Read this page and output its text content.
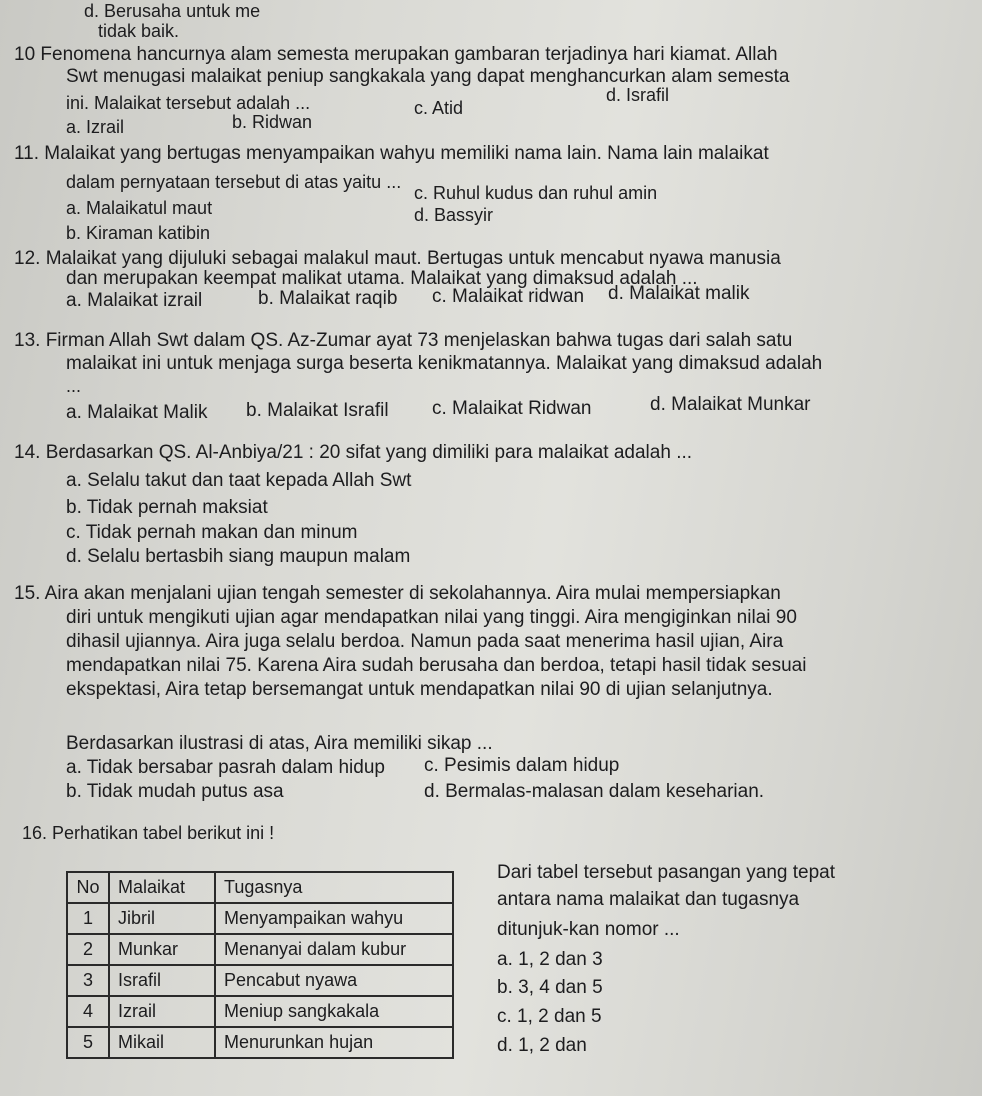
d. Berusaha untuk me
tidak baik.
10 Fenomena hancurnya alam semesta merupakan gambaran terjadinya hari kiamat. Allah
Swt menugasi malaikat peniup sangkakala yang dapat menghancurkan alam semesta
ini. Malaikat tersebut adalah ...
a. Izrail	b. Ridwan
c. Atid
d. Israfil
11. Malaikat yang bertugas menyampaikan wahyu memiliki nama lain. Nama lain malaikat
dalam pernyataan tersebut di atas yaitu ...
a. Malaikatul maut
b. Kiraman katibin
c. Ruhul kudus dan ruhul amin
d. Bassyir
12. Malaikat yang dijuluki sebagai malakul maut. Bertugas untuk mencabut nyawa manusia
dan merupakan keempat malikat utama. Malaikat yang dimaksud adalah ...
a. Malaikat izrail	b. Malaikat raqib c. Malaikat ridwan d. Malaikat malik
13. Firman Allah Swt dalam QS. Az-Zumar ayat 73 menjelaskan bahwa tugas dari salah satu
malaikat ini untuk menjaga surga beserta kenikmatannya. Malaikat yang dimaksud adalah
...
a. Malaikat Malik b. Malaikat Israfil c. Malaikat Ridwan	d. Malaikat Munkar
14. Berdasarkan QS. Al-Anbiya/21 : 20 sifat yang dimiliki para malaikat adalah ...
a. Selalu takut dan taat kepada Allah Swt
b. Tidak pernah maksiat
c. Tidak pernah makan dan minum
d. Selalu bertasbih siang maupun malam
15. Aira akan menjalani ujian tengah semester di sekolahannya. Aira mulai mempersiapkan
diri untuk mengikuti ujian agar mendapatkan nilai yang tinggi. Aira mengiginkan nilai 90
dihasil ujiannya. Aira juga selalu berdoa. Namun pada saat menerima hasil ujian, Aira
mendapatkan nilai 75. Karena Aira sudah berusaha dan berdoa, tetapi hasil tidak sesuai
ekspektasi, Aira tetap bersemangat untuk mendapatkan nilai 90 di ujian selanjutnya.
Berdasarkan ilustrasi di atas, Aira memiliki sikap ...
a. Tidak bersabar pasrah dalam hidup
b. Tidak mudah putus asa
c. Pesimis dalam hidup
d. Bermalas-malasan dalam keseharian.
16. Perhatikan tabel berikut ini !
Dari tabel tersebut pasangan yang tepat
antara nama malaikat dan tugasnya
ditunjuk-kan nomor ...
a. 1, 2 dan 3
b. 3, 4 dan 5
c. 1, 2 dan 5
d. 1, 2 dan
No	Malaikat	Tugasnya
1	Jibril	Menyampaikan wahyu
2	Munkar	Menanyai dalam kubur
3	Israfil	Pencabut nyawa
4	Izrail	Meniup sangkakala
5	Mikail	Menurunkan hujan
